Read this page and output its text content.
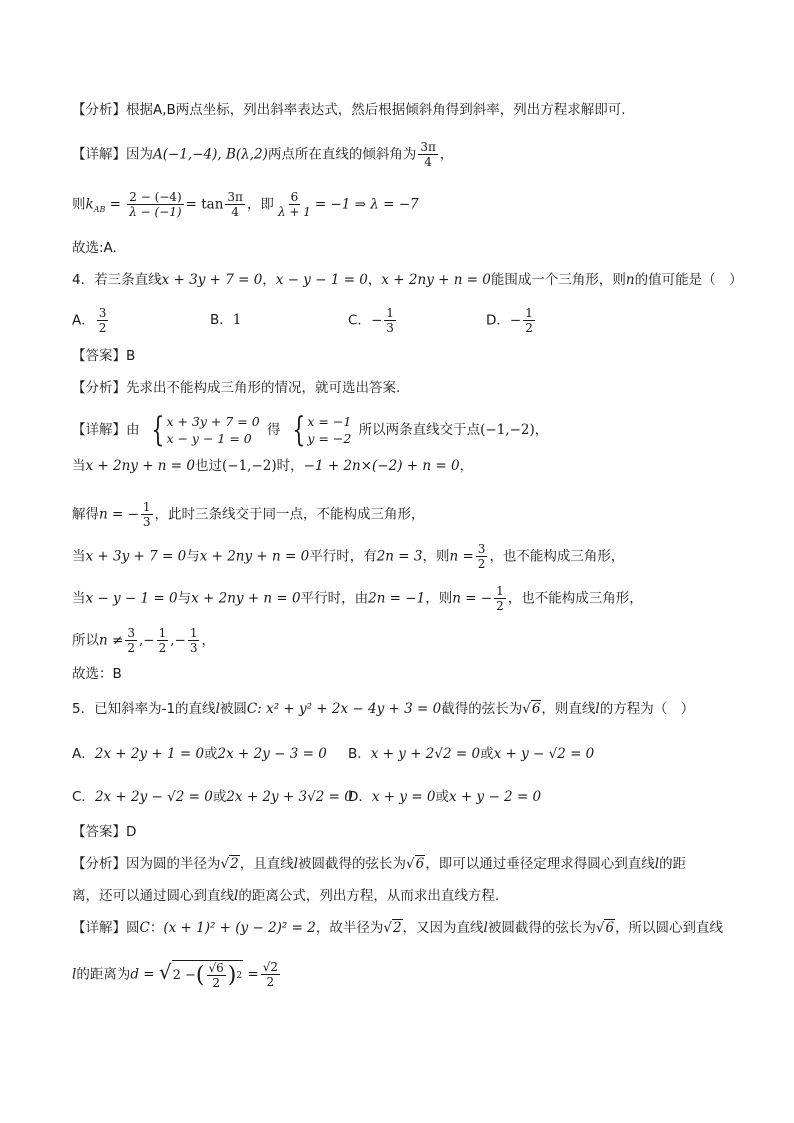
【分析】根据A,B两点坐标，列出斜率表达式，然后根据倾斜角得到斜率，列出方程求解即可.
【详解】因为A(−1,−4), B(λ,2)两点所在直线的倾斜角为 $\frac{3\pi}{4}$ ，
则$k_{AB} = \frac{2 - (-4)}{\lambda - (-1)} = \tan \frac{3\pi}{4}$ ，即 $\frac{6}{\lambda + 1} = -1$ ⇒ λ = −7
故选:A.
4．若三条直线x + 3y + 7 = 0，x − y − 1 = 0，x + 2ny + n = 0能围成一个三角形，则n的值可能是（　）
A． $\frac{3}{2}$	B．1	C．− $\frac{1}{3}$	D．− $\frac{1}{2}$
【答案】B
【分析】先求出不能构成三角形的情况，就可选出答案.
【详解】由 { x + 3y + 7 = 0
x − y − 1 = 0
得 { x = −1
y = −2
所以两条直线交于点(−1,−2)，
当x + 2ny + n = 0也过(−1,−2)时，−1 + 2n×(−2) + n = 0，
解得n = − $\frac{1}{3}$ ，此时三条线交于同一点，不能构成三角形，
当x + 3y + 7 = 0与x + 2ny + n = 0平行时，有2n = 3，则$n = \frac{3}{2}$ ，也不能构成三角形，
当x − y − 1 = 0与x + 2ny + n = 0平行时，由2n = −1，则n = − $\frac{1}{2}$ ，也不能构成三角形，
所以$n \ne \frac{3}{2}$ ,− $\frac{1}{2}$ ,− $\frac{1}{3}$ ，
故选：B
5．已知斜率为-1的直线l被圆C: x² + y² + 2x − 4y + 3 = 0截得的弦长为√6，则直线l的方程为（　）
A．2x + 2y + 1 = 0或2x + 2y − 3 = 0 B．x + y + 2√2 = 0或x + y − √2 = 0
C．2x + 2y − √2 = 0或2x + 2y + 3√2 = 0
D．x + y = 0或x + y − 2 = 0
【答案】D
【分析】因为圆的半径为√2，且直线l被圆截得的弦长为√6，即可以通过垂径定理求得圆心到直线l的距
离，还可以通过圆心到直线l的距离公式，列出方程，从而求出直线方程.
【详解】圆C：(x + 1)² + (y − 2)² = 2，故半径为√2，又因为直线l被圆截得的弦长为√6，所以圆心到直线
l的距离为d = √ 2 − ( $\frac{√6}{2}$ ) $2 = \frac{√2}{2}$
